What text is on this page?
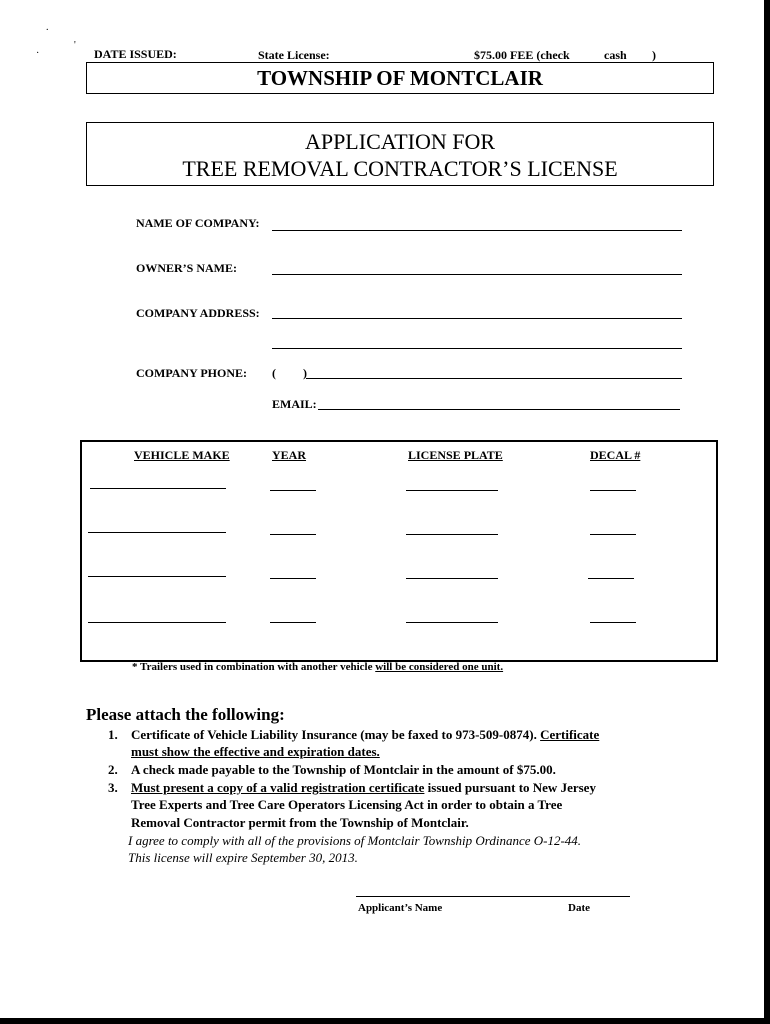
·
.
'
DATE ISSUED:	State License:	$75.00 FEE (check	cash )
TOWNSHIP OF MONTCLAIR
APPLICATION FOR
TREE REMOVAL CONTRACTOR’S LICENSE
NAME OF COMPANY:
OWNER’S NAME:
COMPANY ADDRESS:
COMPANY PHONE: ( )
EMAIL:
VEHICLE MAKE	YEAR	LICENSE PLATE	DECAL #
* Trailers used in combination with another vehicle will be considered one unit.
Please attach the following:
1. Certificate of Vehicle Liability Insurance (may be faxed to 973-509-0874). Certificate
must show the effective and expiration dates.
2. A check made payable to the Township of Montclair in the amount of $75.00.
3. Must present a copy of a valid registration certificate issued pursuant to New Jersey
Tree Experts and Tree Care Operators Licensing Act in order to obtain a Tree
Removal Contractor permit from the Township of Montclair.
I agree to comply with all of the provisions of Montclair Township Ordinance O-12-44.
This license will expire September 30, 2013.
Applicant’s Name	Date
